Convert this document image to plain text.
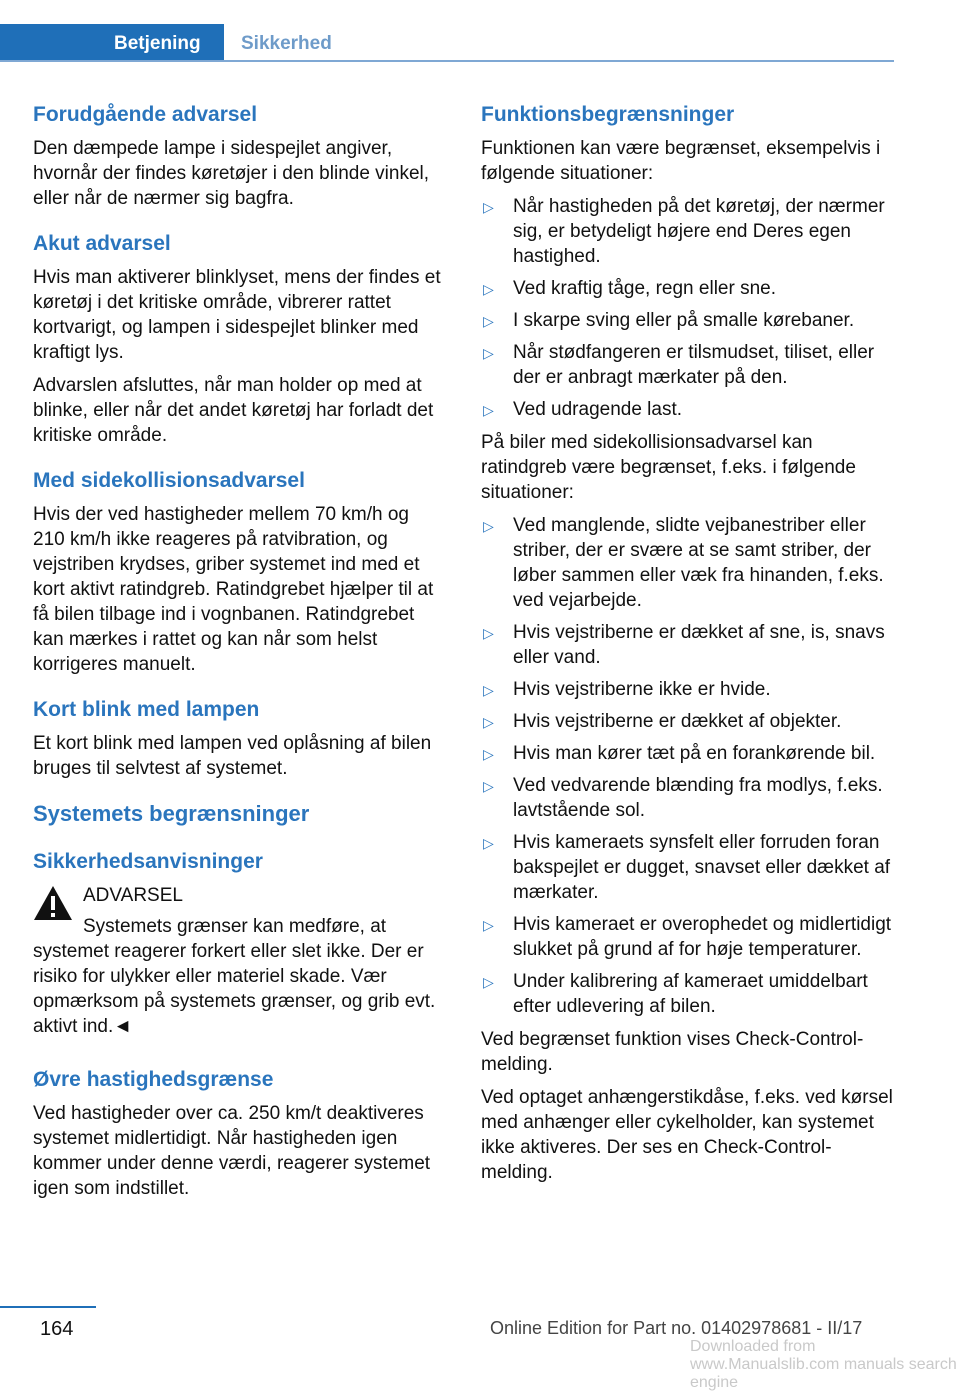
Betjening	Sikkerhed
Forudgående advarsel

Den dæmpede lampe i sidespejlet angiver, hvornår der findes køretøjer i den blinde vinkel, eller når de nærmer sig bagfra.

Akut advarsel

Hvis man aktiverer blinklyset, mens der findes et køretøj i det kritiske område, vibrerer rattet kortvarigt, og lampen i sidespejlet blinker med kraftigt lys.

Advarslen afsluttes, når man holder op med at blinke, eller når det andet køretøj har forladt det kritiske område.

Med sidekollisionsadvarsel

Hvis der ved hastigheder mellem 70 km/h og 210 km/h ikke reageres på ratvibration, og vejstriben krydses, griber systemet ind med et kort aktivt ratindgreb. Ratindgrebet hjælper til at få bilen tilbage ind i vognbanen. Ratindgrebet kan mærkes i rattet og kan når som helst korrigeres manuelt.

Kort blink med lampen

Et kort blink med lampen ved oplåsning af bilen bruges til selvtest af systemet.

Systemets begrænsninger
Sikkerhedsanvisninger
ADVARSEL

Systemets grænser kan medføre, at systemet reagerer forkert eller slet ikke. Der er risiko for ulykker eller materiel skade. Vær opmærksom på systemets grænser, og grib evt. aktivt ind.◄

Øvre hastighedsgrænse

Ved hastigheder over ca. 250 km/t deaktiveres systemet midlertidigt. Når hastigheden igen kommer under denne værdi, reagerer systemet igen som indstillet.

Funktionsbegrænsninger

Funktionen kan være begrænset, eksempelvis i følgende situationer:

▷ Når hastigheden på det køretøj, der nærmer sig, er betydeligt højere end Deres egen hastighed.
▷ Ved kraftig tåge, regn eller sne.
▷ I skarpe sving eller på smalle kørebaner.
▷ Når stødfangeren er tilsmudset, tiliset, eller der er anbragt mærkater på den.
▷ Ved udragende last.

På biler med sidekollisionsadvarsel kan ratindgreb være begrænset, f.eks. i følgende situationer:

▷ Ved manglende, slidte vejbanestriber eller striber, der er svære at se samt striber, der løber sammen eller væk fra hinanden, f.eks. ved vejarbejde.
▷ Hvis vejstriberne er dækket af sne, is, snavs eller vand.
▷ Hvis vejstriberne ikke er hvide.
▷ Hvis vejstriberne er dækket af objekter.
▷ Hvis man kører tæt på en forankørende bil.
▷ Ved vedvarende blænding fra modlys, f.eks. lavtstående sol.
▷ Hvis kameraets synsfelt eller forruden foran bakspejlet er dugget, snavset eller dækket af mærkater.
▷ Hvis kameraet er overophedet og midlertidigt slukket på grund af for høje temperaturer.
▷ Under kalibrering af kameraet umiddelbart efter udlevering af bilen.

Ved begrænset funktion vises Check-Control-melding.

Ved optaget anhængerstikdåse, f.eks. ved kørsel med anhænger eller cykelholder, kan systemet ikke aktiveres. Der ses en Check-Control-melding.

164	Online Edition for Part no. 01402978681 - II/17
Downloaded from www.Manualslib.com manuals search engine
